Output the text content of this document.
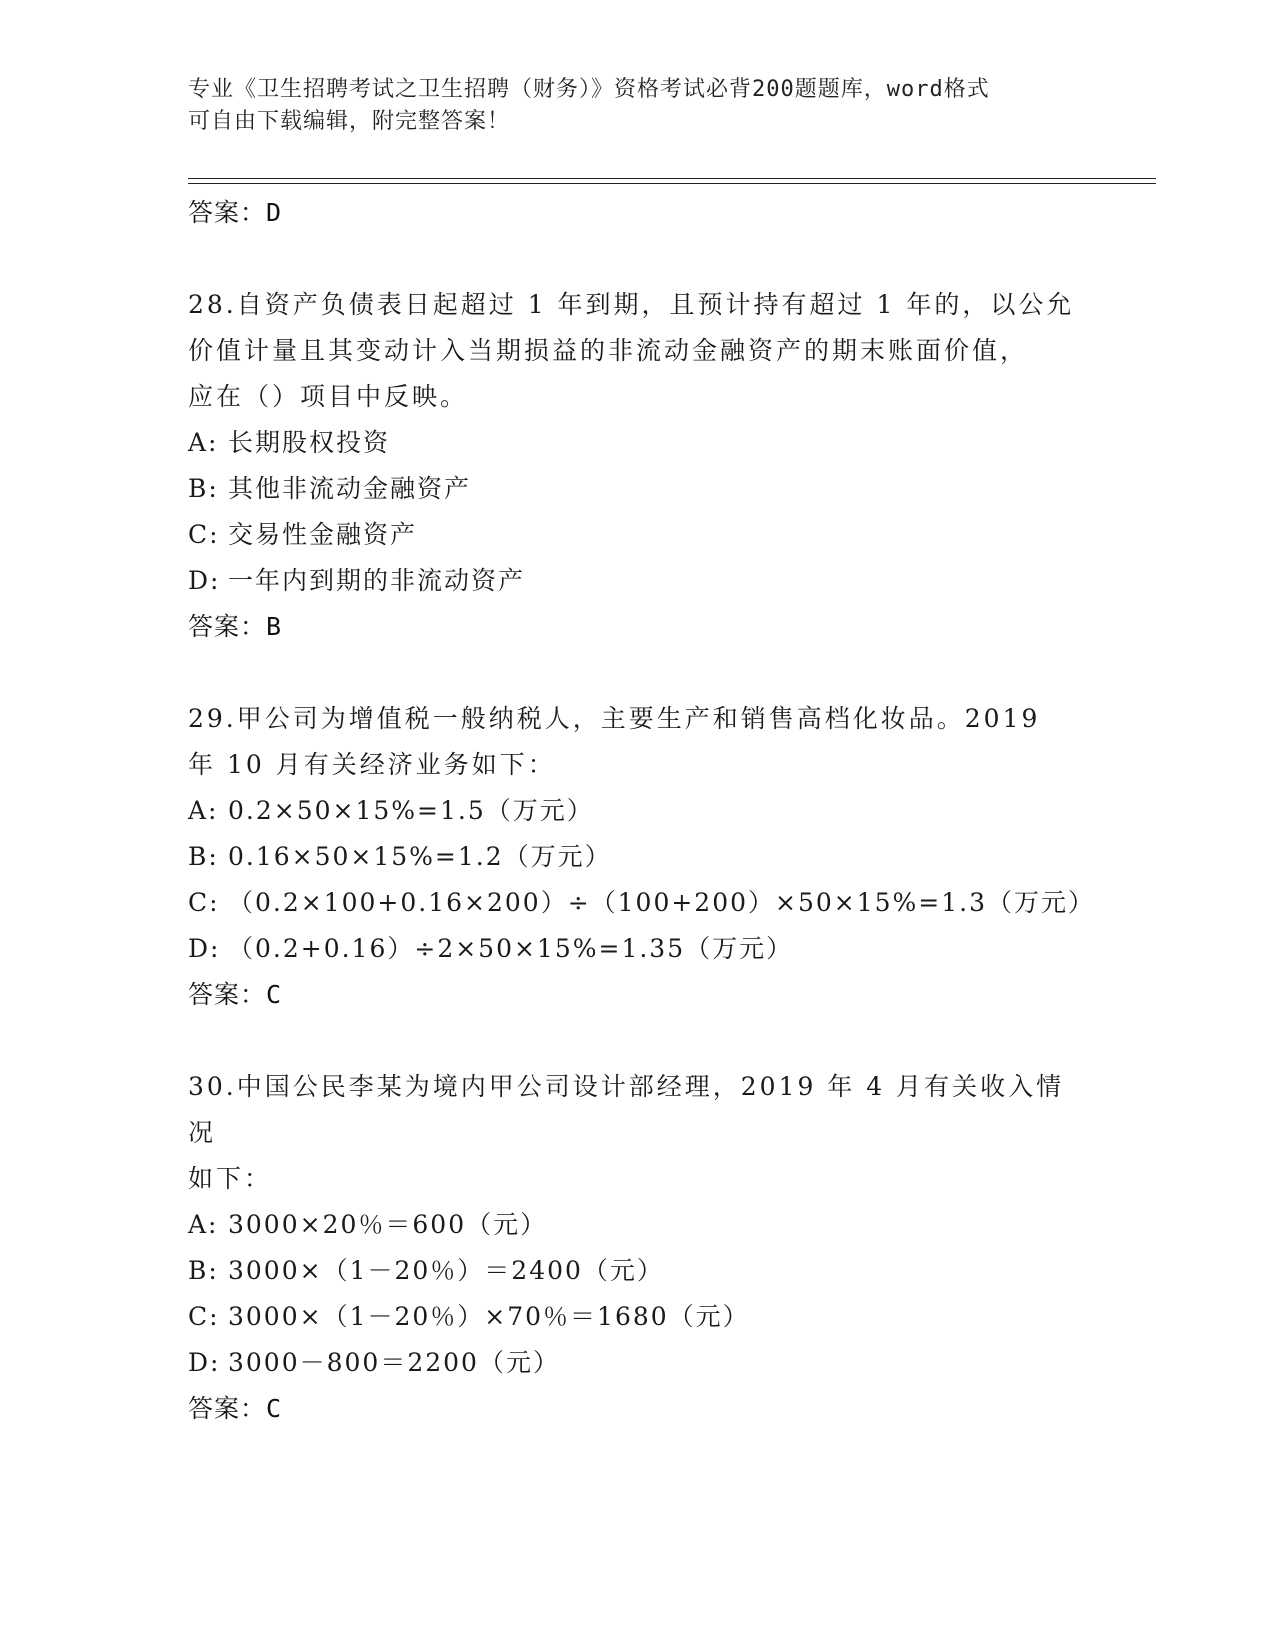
专业《卫生招聘考试之卫生招聘（财务）》资格考试必背200题题库，word格式
可自由下载编辑，附完整答案！

答案：D

28.自资产负债表日起超过 1 年到期，且预计持有超过 1 年的，以公允

价值计量且其变动计入当期损益的非流动金融资产的期末账面价值，

应在（）项目中反映。

A: 长期股权投资

B: 其他非流动金融资产

C: 交易性金融资产

D: 一年内到期的非流动资产

答案：B

29.甲公司为增值税一般纳税人，主要生产和销售高档化妆品。2019

年 10 月有关经济业务如下：

A: 0.2×50×15%=1.5（万元）

B: 0.16×50×15%=1.2（万元）

C: （0.2×100+0.16×200）÷（100+200）×50×15%=1.3（万元）

D: （0.2+0.16）÷2×50×15%=1.35（万元）

答案：C

30.中国公民李某为境内甲公司设计部经理，2019 年 4 月有关收入情况

如下：

A: 3000×20％＝600（元）

B: 3000×（1－20％）＝2400（元）

C: 3000×（1－20％）×70％＝1680（元）

D: 3000－800＝2200（元）

答案：C
